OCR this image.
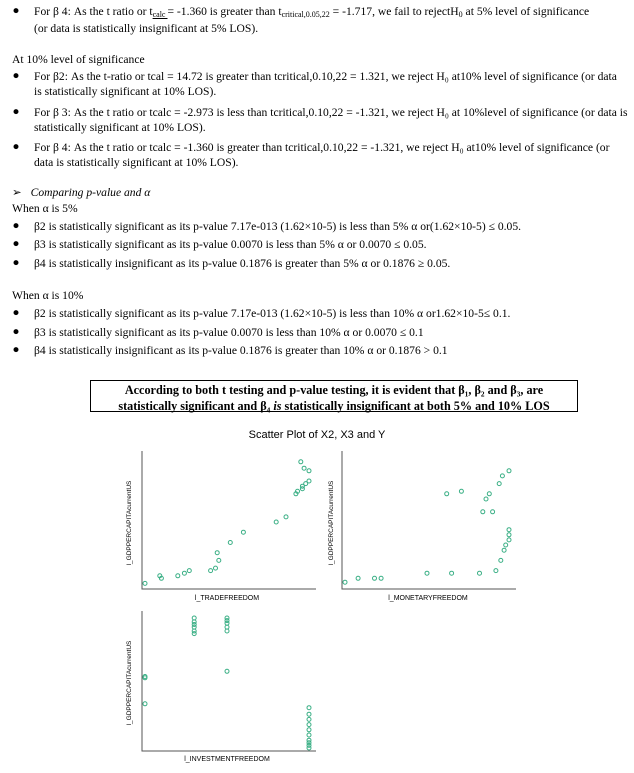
● For β 4: As the t ratio or $t_{calc} = -1.360$ is greater than $t_{critical,0.05,22} = -1.717$, we fail to rejectH$_0$ at 5% level of significance
(or data is statistically insignificant at 5% LOS).
At 10% level of significance
● For β2: As the t-ratio or tcal = 14.72 is greater than tcritical,0.10,22 = 1.321, we reject H₀ at10% level of significance (or data
is statistically significant at 10% LOS).
● For β 3: As the t ratio or tcalc = -2.973 is less than tcritical,0.10,22 = -1.321, we reject H₀ at 10%level of significance (or data is
statistically significant at 10% LOS).
● For β 4: As the t ratio or tcalc = -1.360 is greater than tcritical,0.10,22 = -1.321, we reject H₀ at10% level of significance (or
data is statistically significant at 10% LOS).
➢ Comparing p-value and α
When α is 5%
● β2 is statistically significant as its p-value 7.17e-013 (1.62×10-5) is less than 5% α or(1.62×10-5) ≤ 0.05.
● β3 is statistically significant as its p-value 0.0070 is less than 5% α or 0.0070 ≤ 0.05.
● β4 is statistically insignificant as its p-value 0.1876 is greater than 5% α or 0.1876 ≥ 0.05.
When α is 10%
● β2 is statistically significant as its p-value 7.17e-013 (1.62×10-5) is less than 10% α or1.62×10-5≤ 0.1.
● β3 is statistically significant as its p-value 0.0070 is less than 10% α or 0.0070 ≤ 0.1
● β4 is statistically insignificant as its p-value 0.1876 is greater than 10% α or 0.1876 > 0.1
According to both t testing and p-value testing, it is evident that β₁, β₂ and β₃, are
statistically significant and β₄ is statistically insignificant at both 5% and 10% LOS
Scatter Plot of X2, X3 and Y
l_TRADEFREEDOM
l_GDPPERCAPITAcurrentUS
l_MONETARYFREEDOM
l_GDPPERCAPITAcurrentUS
l_INVESTMENTFREEDOM
l_GDPPERCAPITAcurrentUS
